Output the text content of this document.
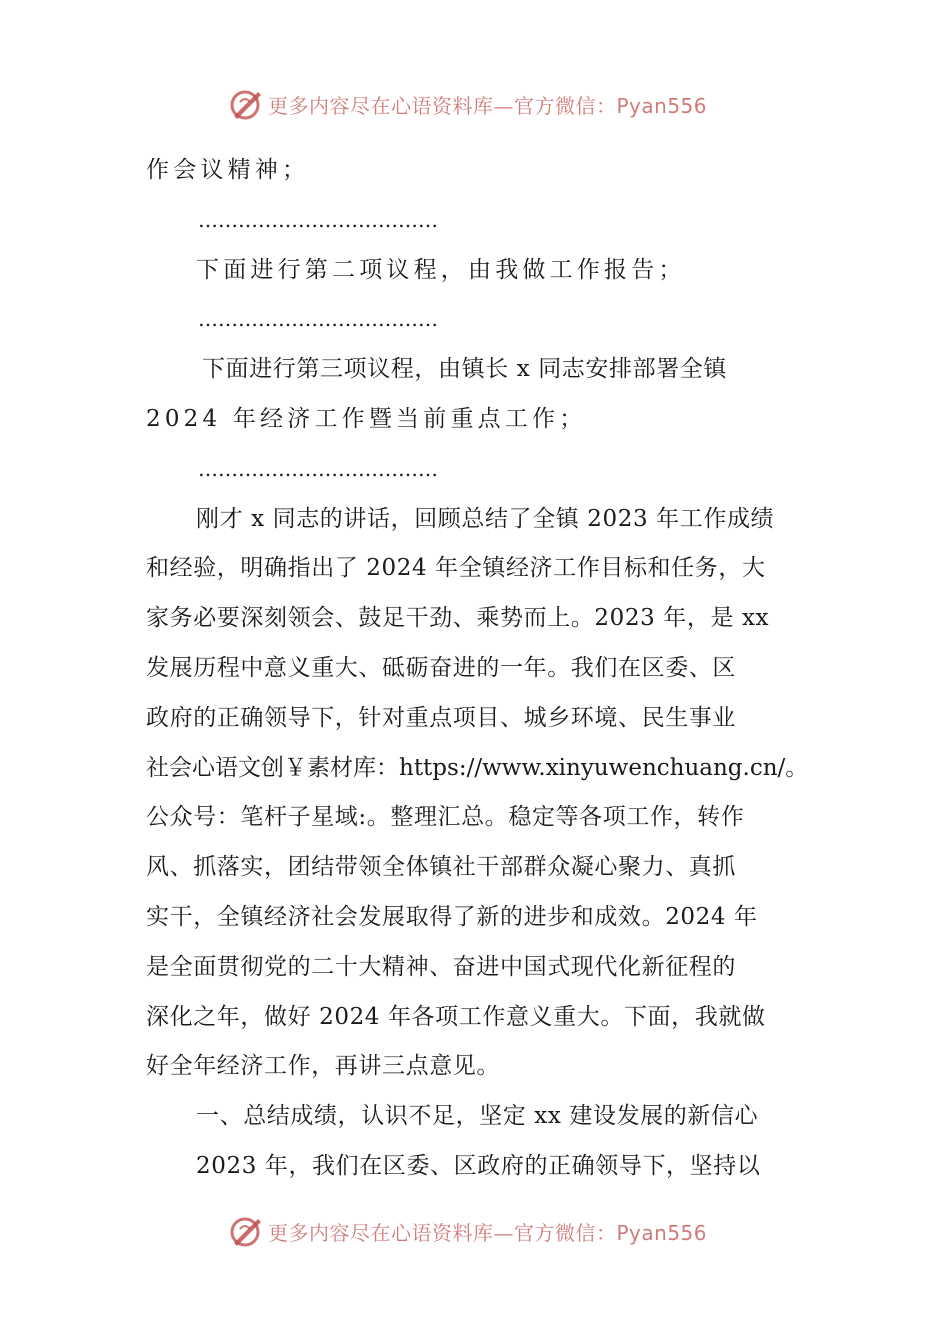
更多内容尽在心语资料库—官方微信：Pyan556
作会议精神；
………………………………
下面进行第二项议程，由我做工作报告；
………………………………
下面进行第三项议程，由镇长 x 同志安排部署全镇
2024 年经济工作暨当前重点工作；
………………………………
刚才 x 同志的讲话，回顾总结了全镇 2023 年工作成绩
和经验，明确指出了 2024 年全镇经济工作目标和任务，大
家务必要深刻领会、鼓足干劲、乘势而上。2023 年，是 xx
发展历程中意义重大、砥砺奋进的一年。我们在区委、区
政府的正确领导下，针对重点项目、城乡环境、民生事业
社会心语文创￥素材库：https://www.xinyuwenchuang.cn/。
公众号：笔杆子星域:。整理汇总。稳定等各项工作，转作
风、抓落实，团结带领全体镇社干部群众凝心聚力、真抓
实干，全镇经济社会发展取得了新的进步和成效。2024 年
是全面贯彻党的二十大精神、奋进中国式现代化新征程的
深化之年，做好 2024 年各项工作意义重大。下面，我就做
好全年经济工作，再讲三点意见。
一、总结成绩，认识不足，坚定 xx 建设发展的新信心
2023 年，我们在区委、区政府的正确领导下，坚持以
更多内容尽在心语资料库—官方微信：Pyan556
